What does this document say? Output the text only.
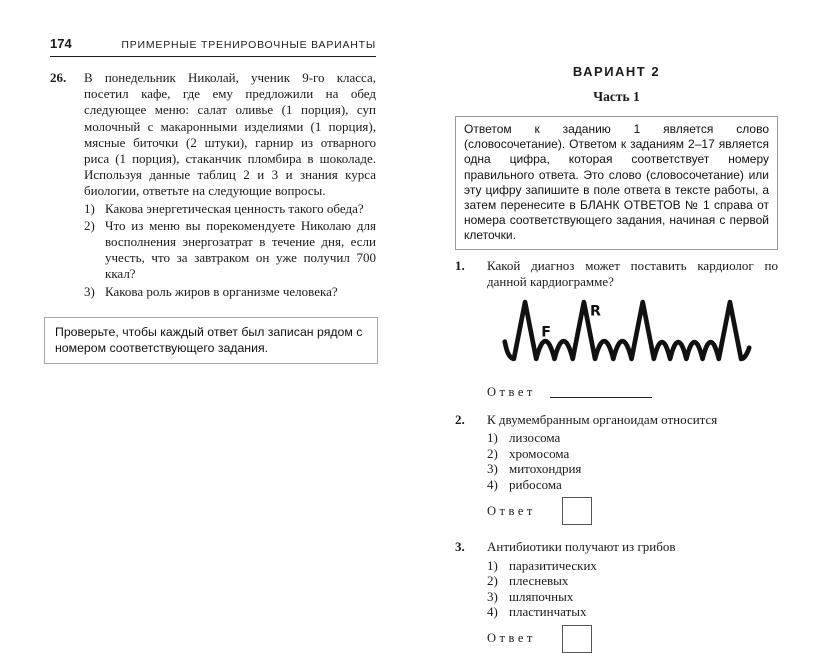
174	ПРИМЕРНЫЕ ТРЕНИРОВОЧНЫЕ ВАРИАНТЫ
26.	В понедельник Николай, ученик 9-го класса, посетил кафе, где ему предложили на обед следующее меню: салат оливье (1 порция), суп молочный с макаронными изделиями (1 порция), мясные биточки (2 штуки), гарнир из отварного риса (1 порция), стаканчик пломбира в шоколаде. Используя данные таблиц 2 и 3 и знания курса биологии, ответьте на следующие вопросы.
1) Какова энергетическая ценность такого обеда?
2) Что из меню вы порекомендуете Николаю для восполнения энергозатрат в течение дня, если учесть, что за завтраком он уже получил 700 ккал?
3) Какова роль жиров в организме человека?
Проверьте, чтобы каждый ответ был записан рядом с номером соответствующего задания.
ВАРИАНТ 2
Часть 1
Ответом к заданию 1 является слово (словосочетание). Ответом к заданиям 2–17 является одна цифра, которая соответствует номеру правильного ответа. Это слово (словосочетание) или эту цифру запишите в поле ответа в тексте работы, а затем перенесите в БЛАНК ОТВЕТОВ № 1 справа от номера соответствующего задания, начиная с первой клеточки.
1.	Какой диагноз может поставить кардиолог по данной кардиограмме?
F
R
Ответ
2.	К двумембранным органоидам относится
1) лизосома
2) хромосома
3) митохондрия
4) рибосома
Ответ
3.	Антибиотики получают из грибов
1) паразитических
2) плесневых
3) шляпочных
4) пластинчатых
Ответ
